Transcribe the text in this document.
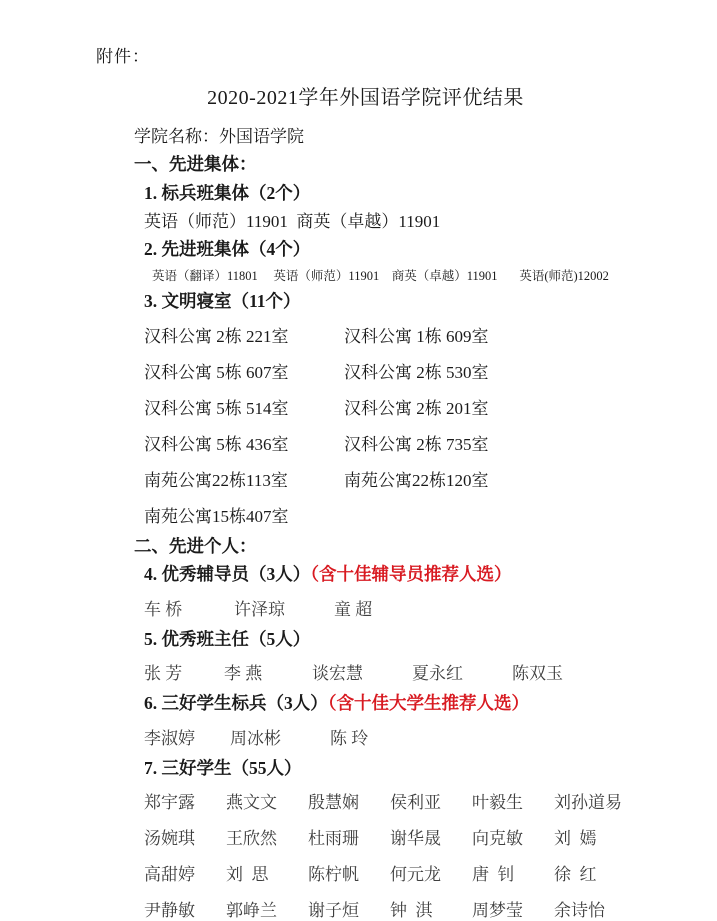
附件：
2020-2021学年外国语学院评优结果
学院名称：外国语学院
一、先进集体：
1. 标兵班集体（2个）
英语（师范）11901  商英（卓越）11901
2. 先进班集体（4个）
英语（翻译）11801     英语（师范）11901    商英（卓越）11901       英语(师范)12002
3. 文明寝室（11个）
汉科公寓 2栋 221室	汉科公寓 1栋 609室
汉科公寓 5栋 607室	汉科公寓 2栋 530室
汉科公寓 5栋 514室	汉科公寓 2栋 201室
汉科公寓 5栋 436室	汉科公寓 2栋 735室
南苑公寓22栋113室	南苑公寓22栋120室
南苑公寓15栋407室
二、先进个人：
4. 优秀辅导员（3人）（含十佳辅导员推荐人选）
车 桥	许泽琼	童 超
5. 优秀班主任（5人）
张 芳	李 燕	谈宏慧	夏永红	陈双玉
6. 三好学生标兵（3人）（含十佳大学生推荐人选）
李淑婷	周冰彬	陈 玲
7. 三好学生（55人）
郑宇露	燕文文	殷慧娴	侯利亚	叶毅生	刘孙道易
汤婉琪	王欣然	杜雨珊	谢华晟	向克敏	刘  嫣
高甜婷	刘  思	陈柠帆	何元龙	唐  钊	徐  红
尹静敏	郭峥兰	谢子烜	钟  淇	周梦莹	余诗怡
